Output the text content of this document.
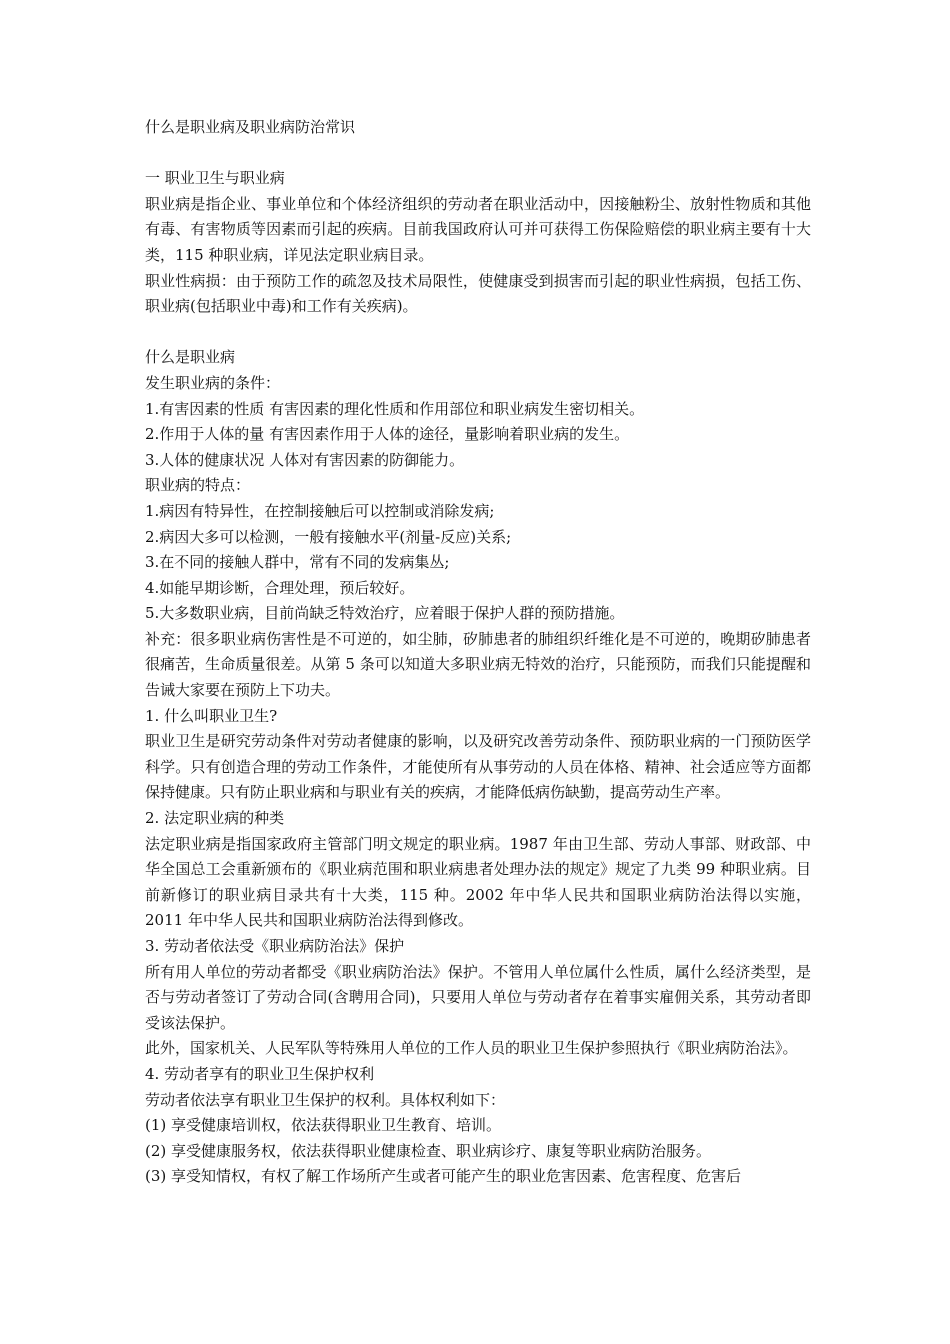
什么是职业病及职业病防治常识

一 职业卫生与职业病

职业病是指企业、事业单位和个体经济组织的劳动者在职业活动中，因接触粉尘、放射性物质和其他有毒、有害物质等因素而引起的疾病。目前我国政府认可并可获得工伤保险赔偿的职业病主要有十大类，115 种职业病，详见法定职业病目录。

职业性病损：由于预防工作的疏忽及技术局限性，使健康受到损害而引起的职业性病损，包括工伤、职业病(包括职业中毒)和工作有关疾病)。

什么是职业病

发生职业病的条件：

1.有害因素的性质 有害因素的理化性质和作用部位和职业病发生密切相关。

2.作用于人体的量 有害因素作用于人体的途径，量影响着职业病的发生。

3.人体的健康状况 人体对有害因素的防御能力。

职业病的特点：

1.病因有特异性，在控制接触后可以控制或消除发病;

2.病因大多可以检测，一般有接触水平(剂量-反应)关系;

3.在不同的接触人群中，常有不同的发病集丛;

4.如能早期诊断，合理处理，预后较好。

5.大多数职业病，目前尚缺乏特效治疗，应着眼于保护人群的预防措施。

补充：很多职业病伤害性是不可逆的，如尘肺，矽肺患者的肺组织纤维化是不可逆的，晚期矽肺患者很痛苦，生命质量很差。从第 5 条可以知道大多职业病无特效的治疗，只能预防，而我们只能提醒和告诫大家要在预防上下功夫。

1. 什么叫职业卫生?

职业卫生是研究劳动条件对劳动者健康的影响，以及研究改善劳动条件、预防职业病的一门预防医学科学。只有创造合理的劳动工作条件，才能使所有从事劳动的人员在体格、精神、社会适应等方面都保持健康。只有防止职业病和与职业有关的疾病，才能降低病伤缺勤，提高劳动生产率。

2. 法定职业病的种类

法定职业病是指国家政府主管部门明文规定的职业病。1987 年由卫生部、劳动人事部、财政部、中华全国总工会重新颁布的《职业病范围和职业病患者处理办法的规定》规定了九类 99 种职业病。目前新修订的职业病目录共有十大类，115 种。2002 年中华人民共和国职业病防治法得以实施，2011 年中华人民共和国职业病防治法得到修改。

3. 劳动者依法受《职业病防治法》保护

所有用人单位的劳动者都受《职业病防治法》保护。不管用人单位属什么性质，属什么经济类型，是否与劳动者签订了劳动合同(含聘用合同)，只要用人单位与劳动者存在着事实雇佣关系，其劳动者即受该法保护。

此外，国家机关、人民军队等特殊用人单位的工作人员的职业卫生保护参照执行《职业病防治法》。

4. 劳动者享有的职业卫生保护权利

劳动者依法享有职业卫生保护的权利。具体权利如下：

(1) 享受健康培训权，依法获得职业卫生教育、培训。

(2) 享受健康服务权，依法获得职业健康检查、职业病诊疗、康复等职业病防治服务。

(3) 享受知情权，有权了解工作场所产生或者可能产生的职业危害因素、危害程度、危害后
